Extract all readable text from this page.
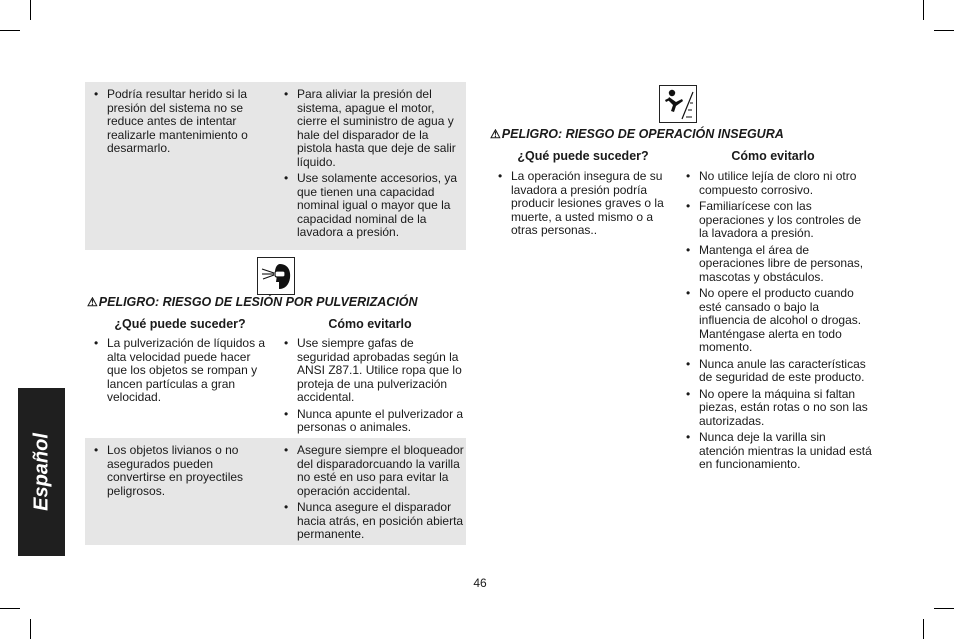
Español
• Podría resultar herido si la presión del sistema no se reduce antes de intentar realizarle mantenimiento o desarmarlo.
• Para aliviar la presión del sistema, apague el motor, cierre el suministro de agua y hale del disparador de la pistola hasta que deje de salir líquido.
• Use solamente accesorios, ya que tienen una capacidad nominal igual o mayor que la capacidad nominal de la lavadora a presión.
⚠PELIGRO: RIESGO DE LESIÓN POR PULVERIZACIÓN
¿Qué puede suceder?	Cómo evitarlo
• La pulverización de líquidos a alta velocidad puede hacer que los objetos se rompan y lancen partículas a gran velocidad.
• Use siempre gafas de seguridad aprobadas según la ANSI Z87.1. Utilice ropa que lo proteja de una pulverización accidental.
• Nunca apunte el pulverizador a personas o animales.
• Los objetos livianos o no asegurados pueden convertirse en proyectiles peligrosos.
• Asegure siempre el bloqueador del disparadorcuando la varilla no esté en uso para evitar la operación accidental.
• Nunca asegure el disparador hacia atrás, en posición abierta permanente.
⚠PELIGRO: RIESGO DE OPERACIÓN INSEGURA
¿Qué puede suceder?	Cómo evitarlo
• La operación insegura de su lavadora a presión podría producir lesiones graves o la muerte, a usted mismo o a otras personas..
• No utilice lejía de cloro ni otro compuesto corrosivo.
• Familiarícese con las operaciones y los controles de la lavadora a presión.
• Mantenga el área de operaciones libre de personas, mascotas y obstáculos.
• No opere el producto cuando esté cansado o bajo la influencia de alcohol o drogas. Manténgase alerta en todo momento.
• Nunca anule las características de seguridad de este producto.
• No opere la máquina si faltan piezas, están rotas o no son las autorizadas.
• Nunca deje la varilla sin atención mientras la unidad está en funcionamiento.
46
